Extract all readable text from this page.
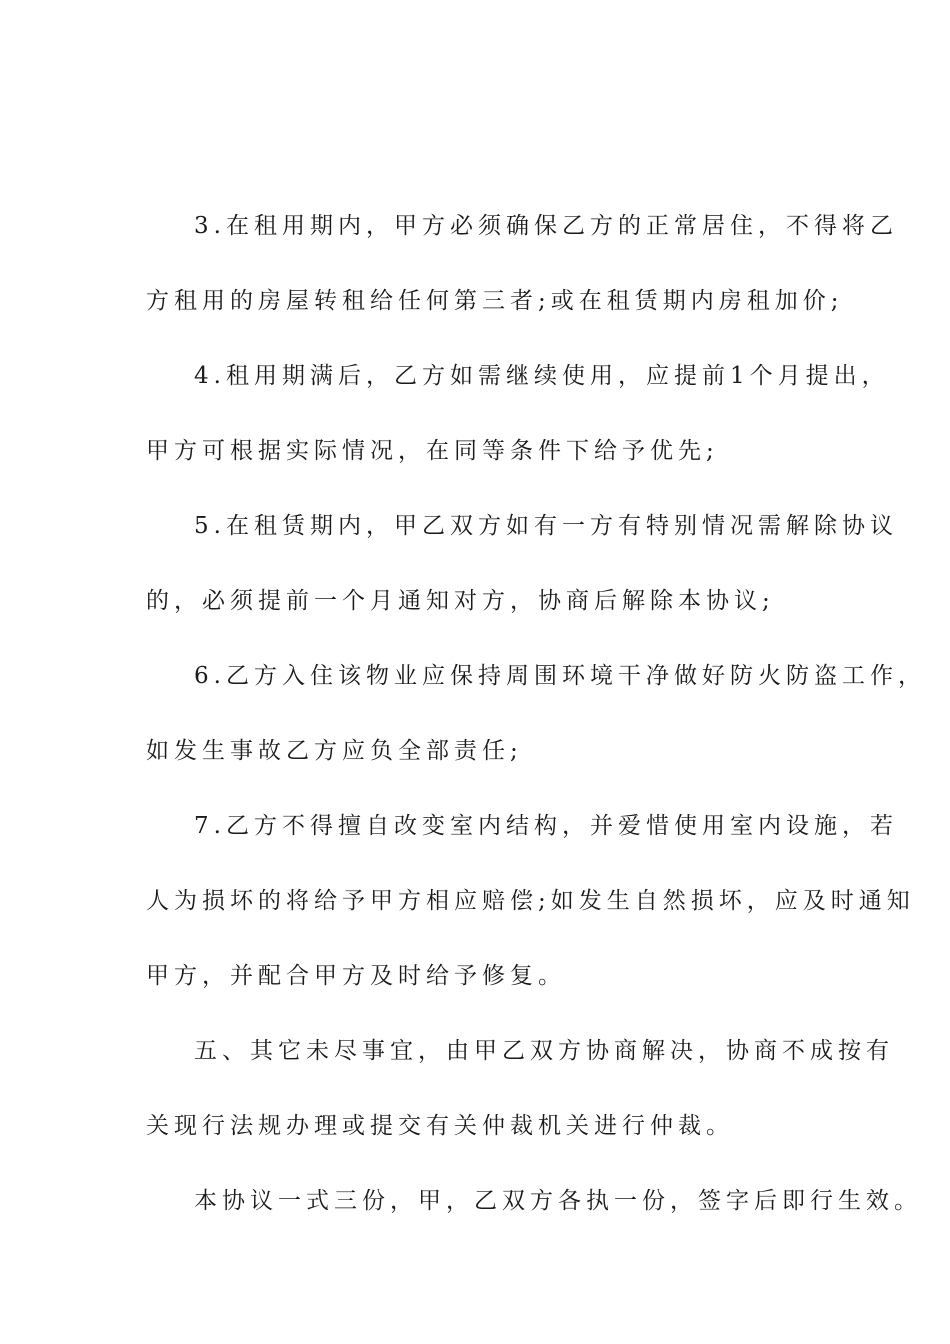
3.在租用期内，甲方必须确保乙方的正常居住，不得将乙
方租用的房屋转租给任何第三者;或在租赁期内房租加价;
4.租用期满后，乙方如需继续使用，应提前1个月提出，
甲方可根据实际情况，在同等条件下给予优先;
5.在租赁期内，甲乙双方如有一方有特别情况需解除协议
的，必须提前一个月通知对方，协商后解除本协议;
6.乙方入住该物业应保持周围环境干净做好防火防盗工作，
如发生事故乙方应负全部责任;
7.乙方不得擅自改变室内结构，并爱惜使用室内设施，若
人为损坏的将给予甲方相应赔偿;如发生自然损坏，应及时通知
甲方，并配合甲方及时给予修复。
五、其它未尽事宜，由甲乙双方协商解决，协商不成按有
关现行法规办理或提交有关仲裁机关进行仲裁。
本协议一式三份，甲，乙双方各执一份，签字后即行生效。
